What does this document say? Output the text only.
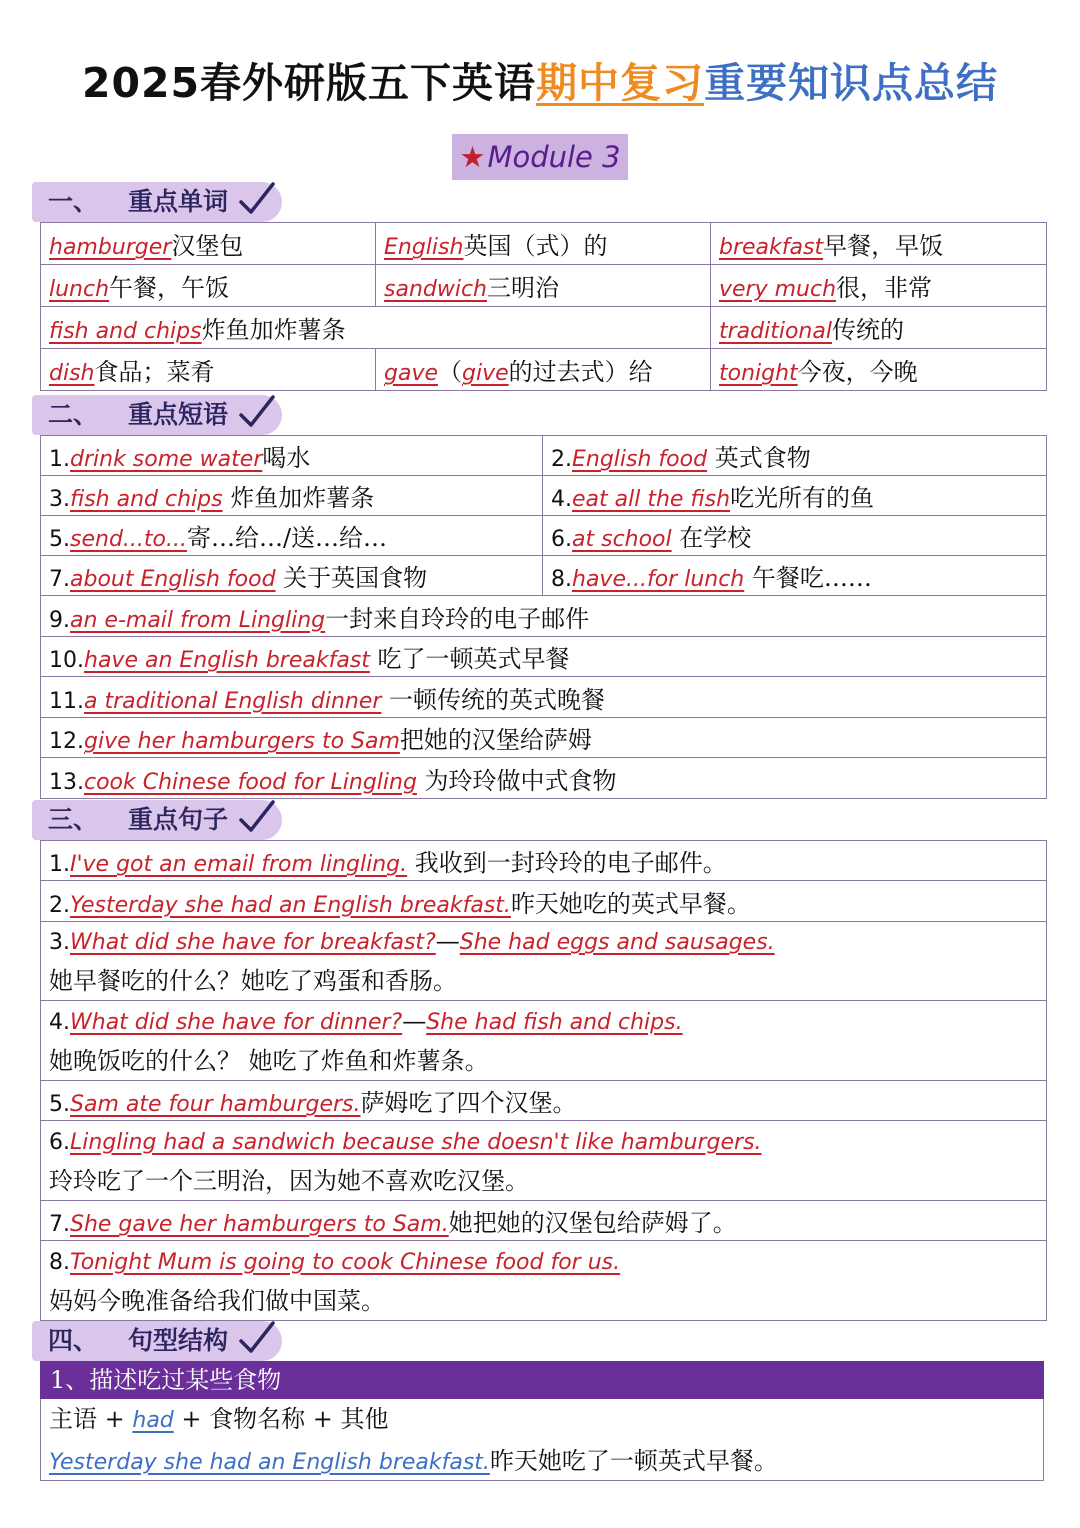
2025春外研版五下英语期中复习重要知识点总结
★Module 3
一、 重点单词
hamburger汉堡包	English英国（式）的	breakfast早餐，早饭
lunch午餐，午饭	sandwich三明治	very much很，非常
fish and chips炸鱼加炸薯条		traditional传统的
dish食品；菜肴	gave（give的过去式）给	tonight今夜，今晚
二、 重点短语
1.drink some water喝水	2.English food 英式食物
3.fish and chips 炸鱼加炸薯条	4.eat all the fish吃光所有的鱼
5.send...to...寄…给…/送…给…	6.at school 在学校
7.about English food 关于英国食物	8.have...for lunch 午餐吃……
9.an e-mail from Lingling一封来自玲玲的电子邮件	
10.have an English breakfast 吃了一顿英式早餐	
11.a traditional English dinner 一顿传统的英式晚餐	
12.give her hamburgers to Sam把她的汉堡给萨姆	
13.cook Chinese food for Lingling 为玲玲做中式食物	
三、 重点句子
1.I've got an email from lingling. 我收到一封玲玲的电子邮件。
2.Yesterday she had an English breakfast.昨天她吃的英式早餐。

3.What did she have for breakfast?—She had eggs and sausages.
她早餐吃的什么？她吃了鸡蛋和香肠。

4.What did she have for dinner?—She had fish and chips.
她晚饭吃的什么？ 她吃了炸鱼和炸薯条。

5.Sam ate four hamburgers.萨姆吃了四个汉堡。

6.Lingling had a sandwich because she doesn't like hamburgers.
玲玲吃了一个三明治，因为她不喜欢吃汉堡。

7.She gave her hamburgers to Sam.她把她的汉堡包给萨姆了。

8.Tonight Mum is going to cook Chinese food for us.
妈妈今晚准备给我们做中国菜。
四、 句型结构
1、描述吃过某些食物
主语 + had + 食物名称 + 其他
Yesterday she had an English breakfast.昨天她吃了一顿英式早餐。
